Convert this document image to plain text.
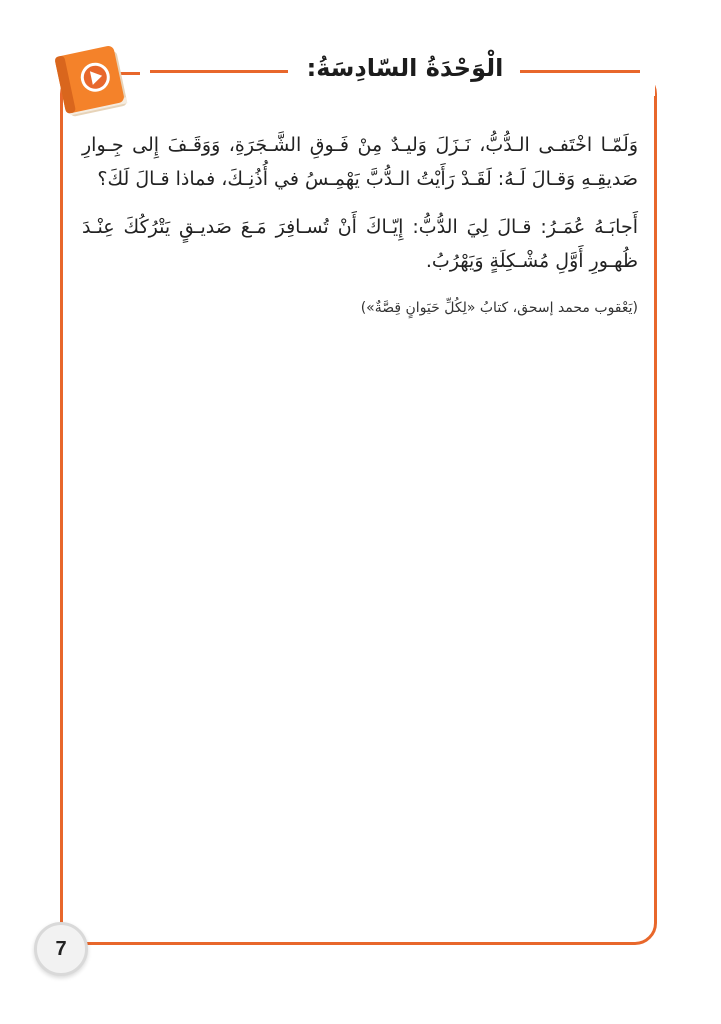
الْوَحْدَةُ السّادِسَةُ:

وَلَمّـا اخْتَفـى الـدُّبُّ، نَـزَلَ وَليـدٌ مِنْ فَـوقِ الشَّـجَرَةِ، وَوَقَـفَ إِلى جِـوارِ صَديقِـهِ وَقـالَ لَـهُ: لَقَـدْ رَأَيْتُ الـدُّبَّ يَهْمِـسُ في أُذُنِـكَ، فماذا قـالَ لَكَ؟

أَجابَـهُ عُمَـرُ: قـالَ لِيَ الدُّبُّ: إِيّـاكَ أَنْ تُسـافِرَ مَـعَ صَديـقٍ يَتْرُكُكَ عِنْـدَ ظُهـورِ أَوَّلِ مُشْـكِلَةٍ وَيَهْرُبُ.

(يَعْقوب محمد إسحق، كتابُ «لِكُلِّ حَيَوانٍ قِصَّةٌ»)
7
